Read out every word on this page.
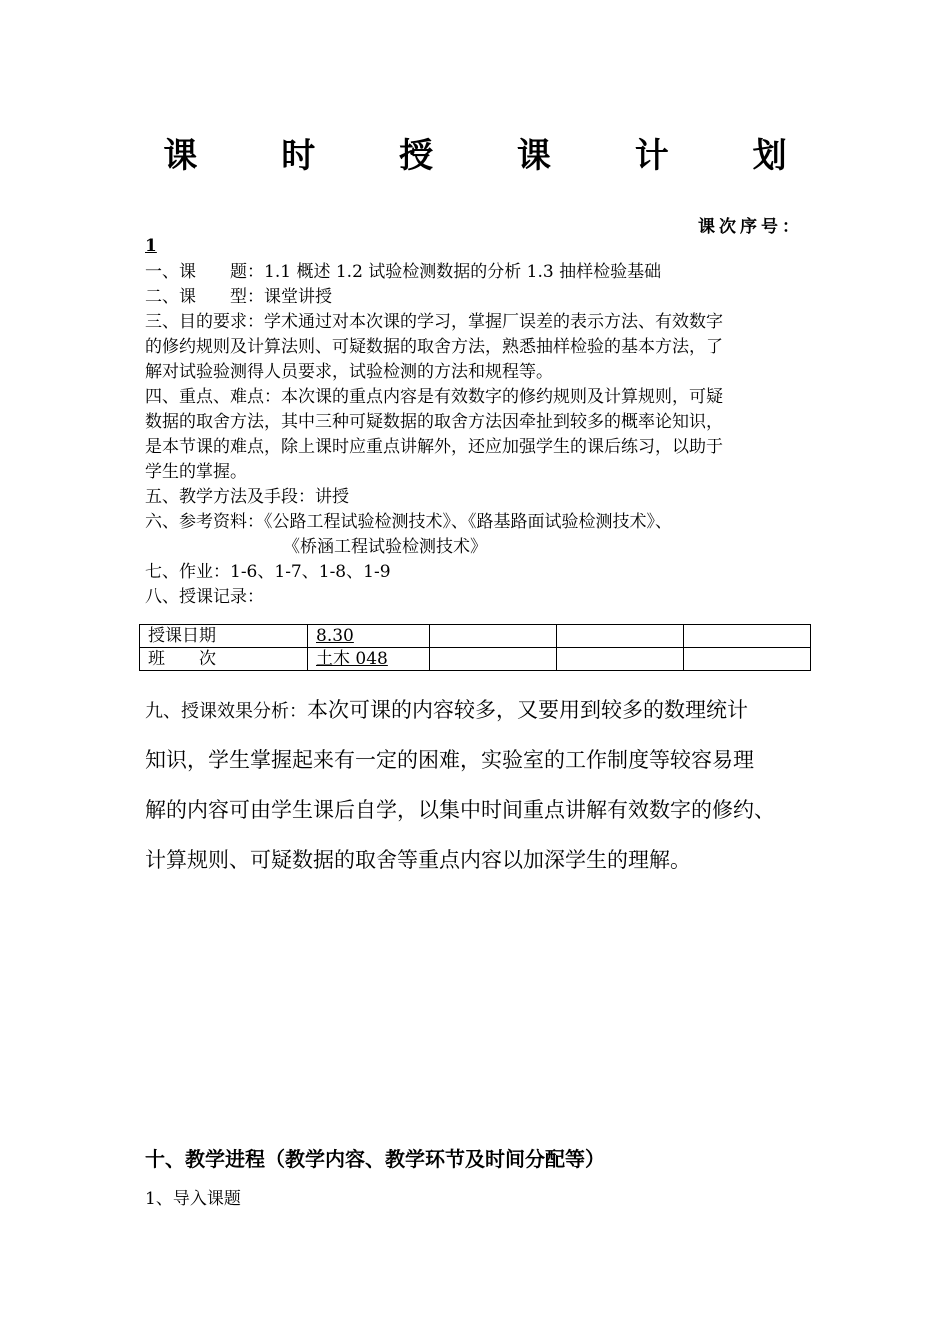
课 时 授 课 计 划
课次序号：
1
一、课　　题：1.1 概述 1.2 试验检测数据的分析 1.3 抽样检验基础
二、课　　型：课堂讲授
三、目的要求：学术通过对本次课的学习，掌握厂误差的表示方法、有效数字
的修约规则及计算法则、可疑数据的取舍方法，熟悉抽样检验的基本方法，了
解对试验验测得人员要求，试验检测的方法和规程等。
四、重点、难点：本次课的重点内容是有效数字的修约规则及计算规则，可疑
数据的取舍方法，其中三种可疑数据的取舍方法因牵扯到较多的概率论知识，
是本节课的难点，除上课时应重点讲解外，还应加强学生的课后练习，以助于
学生的掌握。
五、教学方法及手段：讲授
六、参考资料：《公路工程试验检测技术》、《路基路面试验检测技术》、
《桥涵工程试验检测技术》
七、作业：1-6、1-7、1-8、1-9
八、授课记录：
授课日期	8.30			
班　　次	土木 048			
九、授课效果分析：本次可课的内容较多，又要用到较多的数理统计
知识，学生掌握起来有一定的困难，实验室的工作制度等较容易理
解的内容可由学生课后自学，以集中时间重点讲解有效数字的修约、
计算规则、可疑数据的取舍等重点内容以加深学生的理解。
十、教学进程（教学内容、教学环节及时间分配等）
1、导入课题
